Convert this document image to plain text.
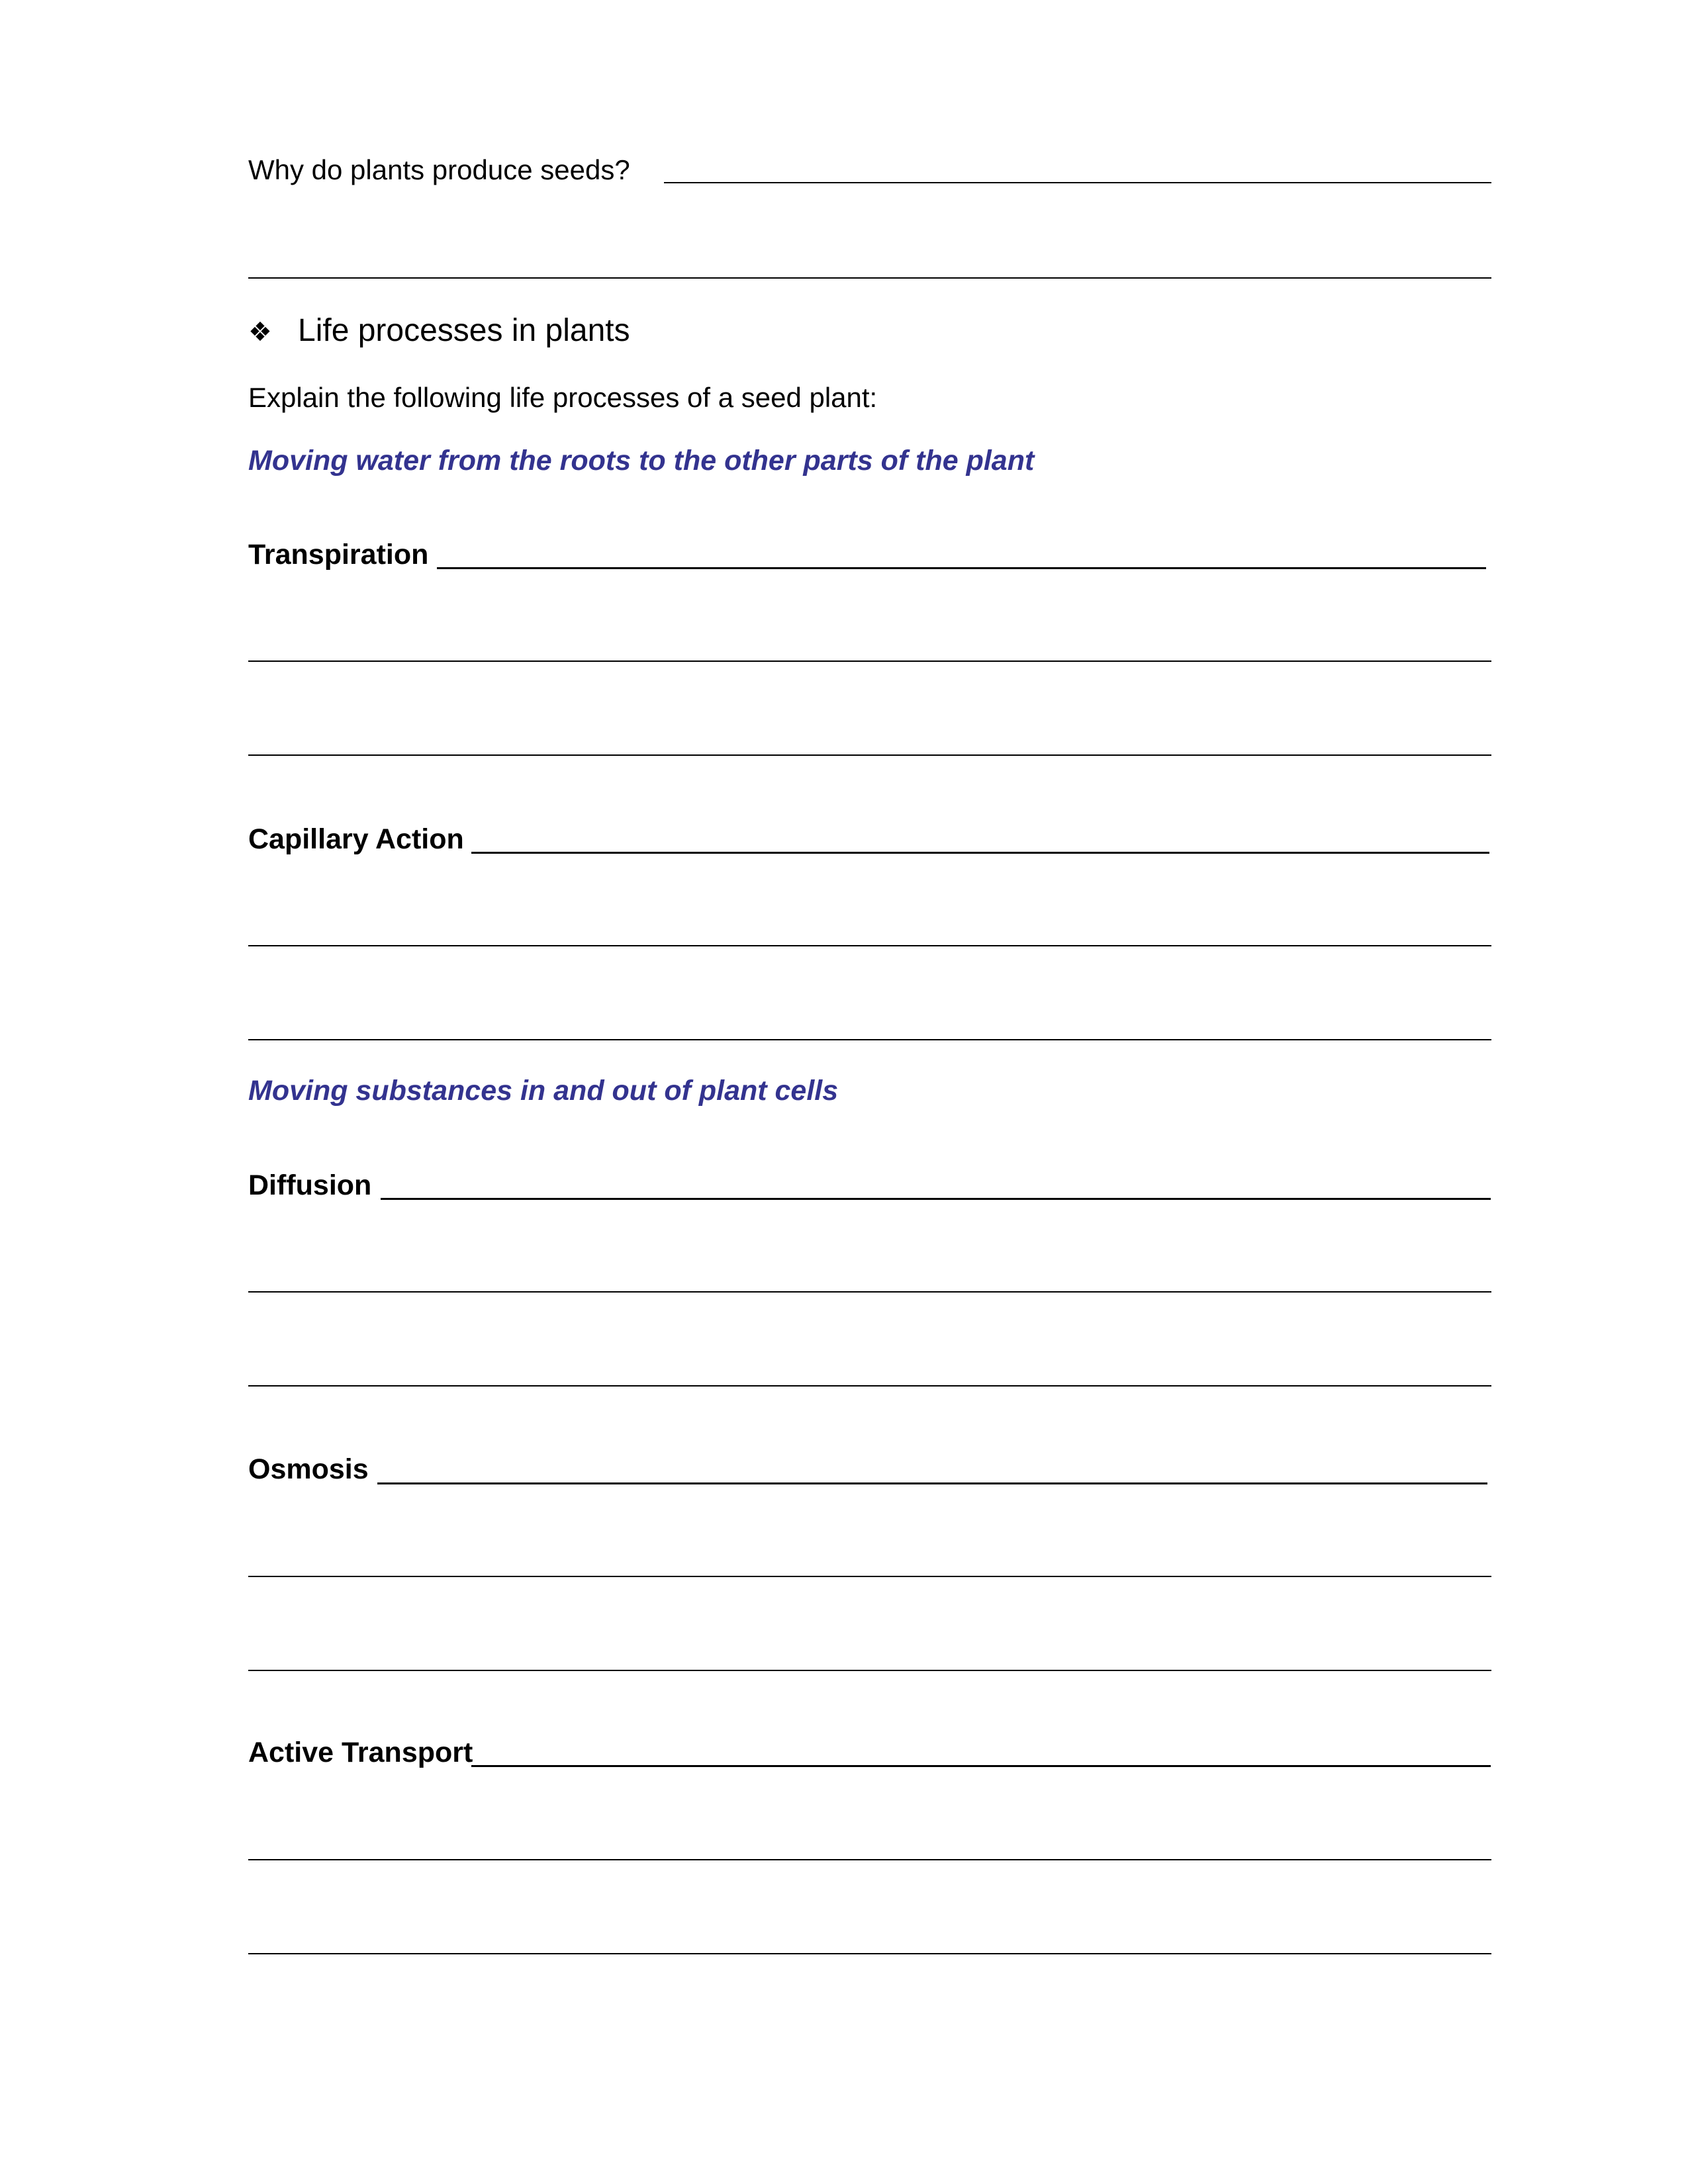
Why do plants produce seeds?
❖ Life processes in plants
Explain the following life processes of a seed plant:
Moving water from the roots to the other parts of the plant
Transpiration
Capillary Action
Moving substances in and out of plant cells
Diffusion
Osmosis
Active Transport
